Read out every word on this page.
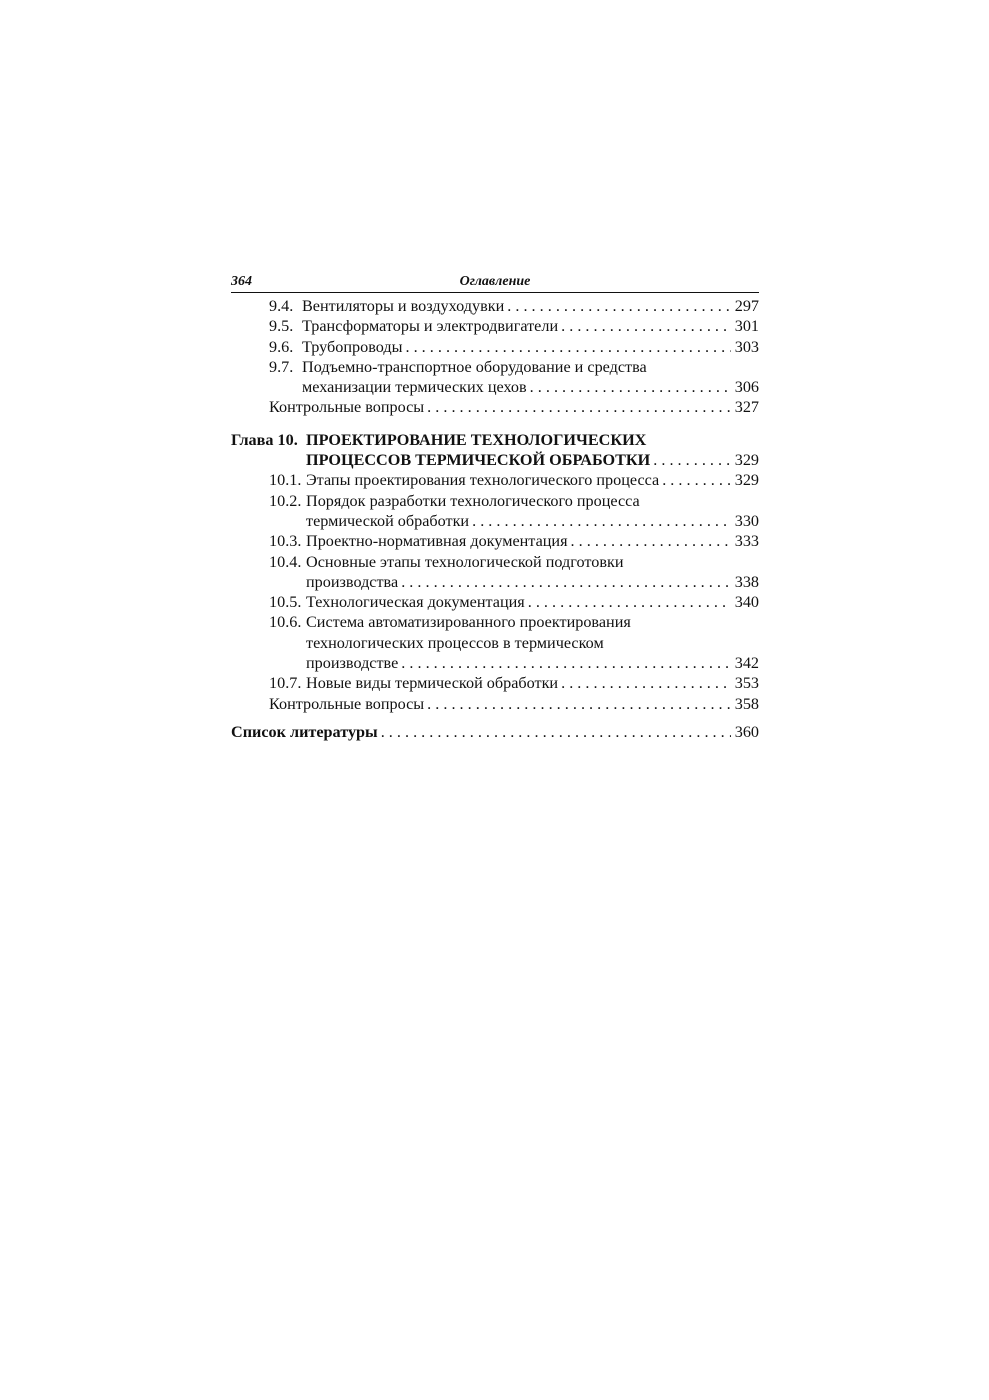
364	Оглавление
9.4. Вентиляторы и воздуходувки . . .	297
9.5. Трансформаторы и электродвигатели . . .	301
9.6. Трубопроводы . . .	303
9.7. Подъемно-транспортное оборудование и средства
механизации термических цехов . . .	306
Контрольные вопросы . . .	327
Глава 10. ПРОЕКТИРОВАНИЕ ТЕХНОЛОГИЧЕСКИХ
ПРОЦЕССОВ ТЕРМИЧЕСКОЙ ОБРАБОТКИ . . .	329
10.1. Этапы проектирования технологического процесса . . .	329
10.2. Порядок разработки технологического процесса
термической обработки . . .	330
10.3. Проектно-нормативная документация . . .	333
10.4. Основные этапы технологической подготовки
производства . . .	338
10.5. Технологическая документация . . .	340
10.6. Система автоматизированного проектирования
технологических процессов в термическом
производстве . . .	342
10.7. Новые виды термической обработки . . .	353
Контрольные вопросы . . .	358
Список литературы . . .	360
